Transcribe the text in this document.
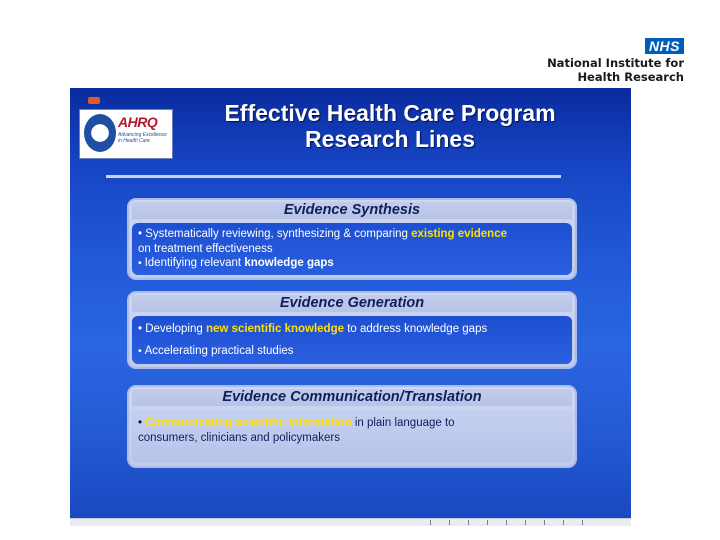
NHS
National Institute for
Health Research
AHRQ
Advancing Excellence in Health Care
Effective Health Care Program
Research Lines
Evidence Synthesis
• Systematically reviewing, synthesizing & comparing existing evidence
on treatment effectiveness
• Identifying relevant knowledge gaps
Evidence Generation
• Developing new scientific knowledge to address knowledge gaps
• Accelerating practical studies
Evidence Communication/Translation
• Communicating scientific information in plain language to
consumers, clinicians and policymakers
